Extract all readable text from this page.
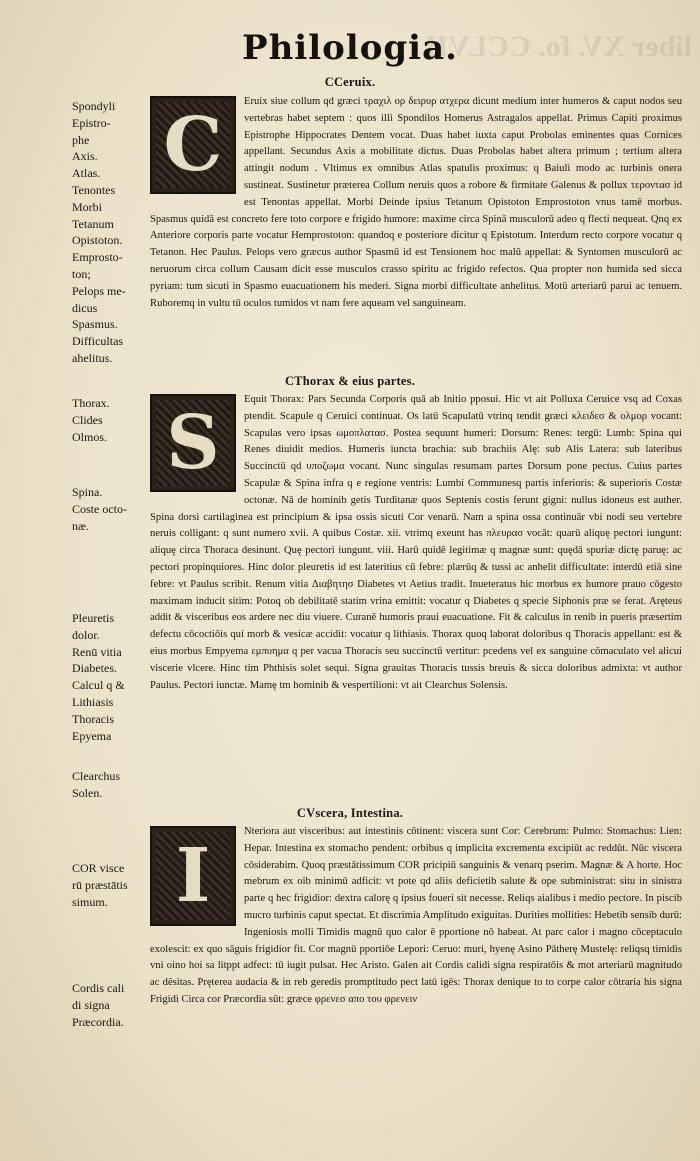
liber XV. fo. CCLVII
Philologia.
CCeruix.
C

Eruix siue collum qd græci τραχιλ ορ δειρυρ ατχερα dicunt medium inter humeros & caput nodos seu vertebras habet septem : quos illi Spondilos Homerus Astragalos appellat. Primus Capiti proximus Epistrophe Hippocrates Dentem vocat. Duas habet iuxta caput Probolas eminentes quas Cornices appellant. Secundus Axis a mobilitate dictus. Duas Probolas habet altera primum ; tertium altera attingit nodum . Vltimus ex omnibus Atlas spatulis proximus: q Baiuli modo ac turbinis onera sustineat. Sustinetur præterea Collum neruis quos a robore & firmitate Galenus & pollux τεροντασ id est Tenontas appellat. Morbi Deinde ipsius Tetanum Opistoton Emprostoton vnus tamē morbus. Spasmus quidā est concreto fere toto corpore e frigido humore: maxime circa Spinā musculorū adeo q flecti nequeat. Qnq ex Anteriore corporis parte vocatur Hemprostoton: quandoq e posteriore dicitur q Epistotum. Interdum recto corpore vocatur q Tetanon. Hec Paulus. Pelops vero græcus author Spasmū id est Tensionem hoc malū appellat: & Syntomen musculorū ac neruorum circa collum Causam dicit esse musculos crasso spiritu ac frigido refectos. Qua propter non humida sed sicca pyriam: tum sicuti in Spasmo euacuationem his mederi. Signa morbi difficultate anhelitus. Motū arteriarū parui ac tenuem. Ruboremq in vultu tū oculos tumidos vt nam fere aqueam vel sanguineam.

CThorax & eius partes.
S

Equit Thorax: Pars Secunda Corporis quā ab Initio pposui. Hic vt ait Polluxa Ceruice vsq ad Coxas ptendit. Scapule q Ceruici continuat. Os latū Scapulatū vtrinq tendit græci κλειδεσ & ολμορ vocant: Scapulas vero ipsas ωμοπλατασ. Postea sequunt humeri: Dorsum: Renes: tergū: Lumb: Spina qui Renes diuidit medios. Humeris iuncta brachia: sub brachiis Alę: sub Alis Latera: sub lateribus Succinctū qd υποζωμα vocant. Nunc singulas resumam partes Dorsum pone pectus. Cuius partes Scapulæ & Spina infra q e regione ventris: Lumbi Communesq partis inferioris: & superioris Costæ octonæ. Nā de hominib getis Turditanæ quos Septenis costis ferunt gigni: nullus idoneus est auther. Spina dorsi cartilaginea est principium & ipsa ossis sicuti Cor venarū. Nam a spina ossa continuār vbi nodi seu vertebre neruis colligant: q sunt numero xvii. A quibus Costæ. xii. vtrimq exeunt has πλευρασ vocāt: quarū aliquę pectori iungunt: aliquę circa Thoraca desinunt. Quę pectori iungunt. viii. Harū quidē legitimæ q magnæ sunt: quędā spuriæ dictę paruę: ac pectori propinquiores. Hinc dolor pleuretis id est lateritius cū febre: plærūq & tussi ac anhelit difficultate: interdū etiā sine febre: vt Paulus scribit. Renum vitia Διαβητησ Diabetes vt Aetius tradit. Inueteratus hic morbus ex humore prauo cōgesto maximam inducit sitim: Potoq ob debilitatē statim vrina emittit: vocatur q Diabetes q specie Siphonis præ se ferat. Aręteus addit & visceribus eos ardere nec diu viuere. Curanē humoris praui euacuatione. Fit & calculus in renib in pueris præsertim defectu cōcoctiōis qui morb & vesicæ accidit: vocatur q lithiasis. Thorax quoq laborat doloribus q Thoracis appellant: est & eius morbus Empyema εμπυημα q per vacua Thoracis seu succinctū vertitur: pcedens vel ex sanguine cōmaculato vel alicui viscerie vlcere. Hinc tim Phthisis solet sequi. Signa grauitas Thoracis tussis breuis & sicca doloribus admixta: vt author Paulus. Pectori iunctæ. Mamę tm hominib & vespertilioni: vt ait Clearchus Solensis.

CVscera, Intestina.
I

Nteriora aut visceribus: aut intestinis cōtinent: viscera sunt Cor: Cerebrum: Pulmo: Stomachus: Lien: Hepar. Intestina ex stomacho pendent: orbibus q implicita excrementa excipiūt ac reddūt. Nūc viscera cōsiderabim. Quoq præstātissimum COR pricipiū sanguinis & venarq pserim. Magnæ & A horte. Hoc mebrum ex oib minimū adficit: vt pote qd aliis deficietib salute & ope subministrat: situ in sinistra parte q hec frigidior: dextra calorę q ipsius foueri sit necesse. Reliqs aialibus i medio pectore. In piscib mucro turbinis caput spectat. Et discrimia Amplitudo exiguitas. Durities mollities: Hebetib sensib durū: Ingeniosis molli Timidis magnū quo calor ē pportione nō habeat. At parc calor i magno cōceptaculo exolescit: ex quo sāguis frigidior fit. Cor magnū pportiōe Lepori: Ceruo: muri, hyenę Asino Pātherę Mustelę: reliqsq timidis vni oino hoi sa litppt adfect: tū iugit pulsat. Hec Aristo. Galen ait Cordis calidi signa respiratōis & mot arteriarū magnitudo ac dēsitas. Pręterea audacia & in reb geredis promptitudo pect latū igēs: Thorax denique to to corpe calor cōtraria his signa Frigidi Circa cor Præcordia sūt: græce φρενεσ απο του φρενειν

Spondyli
Epistro-
phe
Axis.
Atlas.
Tenontes
Morbi
Tetanum
Opistoton.
Emprosto-
ton;
Pelops me-
dicus
Spasmus.
Difficultas
ahelitus.
Thorax.
Clides
Olmos.
Spina.
Coste octo-
næ.
Pleuretis
dolor.
Renū vitia
Diabetes.
Calcul q &
Lithiasis
Thoracis
Epyema
Clearchus
Solen.
COR visce
rū præstātis
simum.
Cordis cali
di signa
Præcordia.
